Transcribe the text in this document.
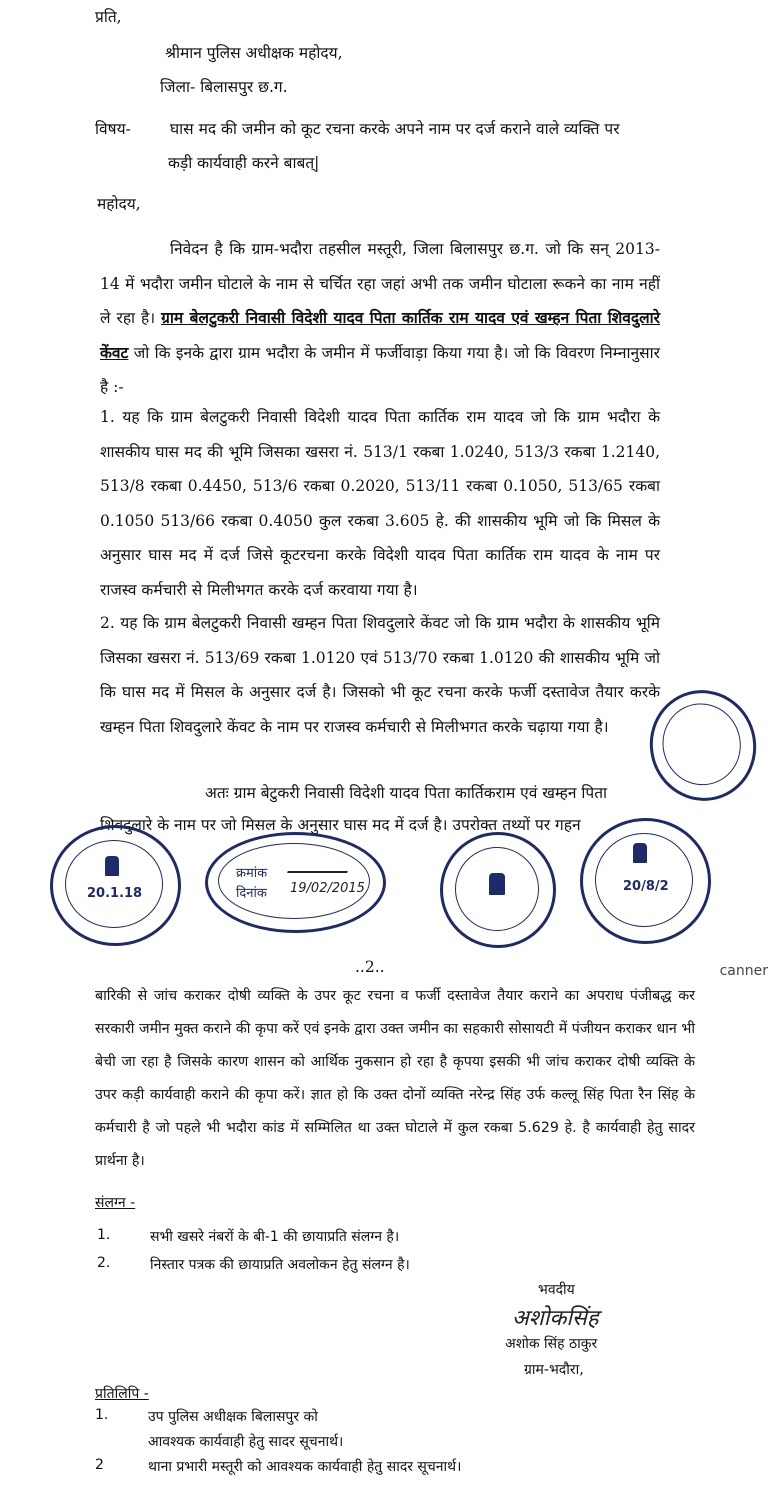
प्रति,
श्रीमान पुलिस अधीक्षक महोदय,
जिला- बिलासपुर छ.ग.
विषय-	घास मद की जमीन को कूट रचना करके अपने नाम पर दर्ज कराने वाले व्यक्ति पर
कड़ी कार्यवाही करने बाबत्|
महोदय,
निवेदन है कि ग्राम-भदौरा तहसील मस्तूरी, जिला बिलासपुर छ.ग. जो कि सन् 2013-14 में भदौरा जमीन घोटाले के नाम से चर्चित रहा जहां अभी तक जमीन घोटाला रूकने का नाम नहीं ले रहा है। ग्राम बेलटुकरी निवासी विदेशी यादव पिता कार्तिक राम यादव एवं खम्हन पिता शिवदुलारे केंवट जो कि इनके द्वारा ग्राम भदौरा के जमीन में फर्जीवाड़ा किया गया है। जो कि विवरण निम्नानुसार है :-
1. यह कि ग्राम बेलटुकरी निवासी विदेशी यादव पिता कार्तिक राम यादव जो कि ग्राम भदौरा के शासकीय घास मद की भूमि जिसका खसरा नं. 513/1 रकबा 1.0240, 513/3 रकबा 1.2140, 513/8 रकबा 0.4450, 513/6 रकबा 0.2020, 513/11 रकबा 0.1050, 513/65 रकबा 0.1050 513/66 रकबा 0.4050 कुल रकबा 3.605 हे. की शासकीय भूमि जो कि मिसल के अनुसार घास मद में दर्ज जिसे कूटरचना करके विदेशी यादव पिता कार्तिक राम यादव के नाम पर राजस्व कर्मचारी से मिलीभगत करके दर्ज करवाया गया है।
2. यह कि ग्राम बेलटुकरी निवासी खम्हन पिता शिवदुलारे केंवट जो कि ग्राम भदौरा के शासकीय भूमि जिसका खसरा नं. 513/69 रकबा 1.0120 एवं 513/70 रकबा 1.0120 की शासकीय भूमि जो कि घास मद में मिसल के अनुसार दर्ज है। जिसको भी कूट रचना करके फर्जी दस्तावेज तैयार करके खम्हन पिता शिवदुलारे केंवट के नाम पर राजस्व कर्मचारी से मिलीभगत करके चढ़ाया गया है।
अतः ग्राम बेटुकरी निवासी विदेशी यादव पिता कार्तिकराम एवं खम्हन पिता
शिवदुलारे के नाम पर जो मिसल के अनुसार घास मद में दर्ज है। उपरोक्त तथ्यों पर गहन
20.1.18
क्रमांक
दिनांक 19/02/2015	20/8/2
..2..	canner
बारिकी से जांच कराकर दोषी व्यक्ति के उपर कूट रचना व फर्जी दस्तावेज तैयार कराने का अपराध पंजीबद्ध कर सरकारी जमीन मुक्त कराने की कृपा करें एवं इनके द्वारा उक्त जमीन का सहकारी सोसायटी में पंजीयन कराकर धान भी बेची जा रहा है जिसके कारण शासन को आर्थिक नुकसान हो रहा है कृपया इसकी भी जांच कराकर दोषी व्यक्ति के उपर कड़ी कार्यवाही कराने की कृपा करें। ज्ञात हो कि उक्त दोनों व्यक्ति नरेन्द्र सिंह उर्फ कल्लू सिंह पिता रैन सिंह के कर्मचारी है जो पहले भी भदौरा कांड में सम्मिलित था उक्त घोटाले में कुल रकबा 5.629 हे. है कार्यवाही हेतु सादर प्रार्थना है।
संलग्न -
1.	सभी खसरे नंबरों के बी-1 की छायाप्रति संलग्न है।
2.	निस्तार पत्रक की छायाप्रति अवलोकन हेतु संलग्न है।
भवदीय
अशोकसिंह
अशोक सिंह ठाकुर
ग्राम-भदौरा,
प्रतिलिपि -
1.	उप पुलिस अधीक्षक बिलासपुर को
आवश्यक कार्यवाही हेतु सादर सूचनार्थ।
2	थाना प्रभारी मस्तूरी को आवश्यक कार्यवाही हेतु सादर सूचनार्थ।
